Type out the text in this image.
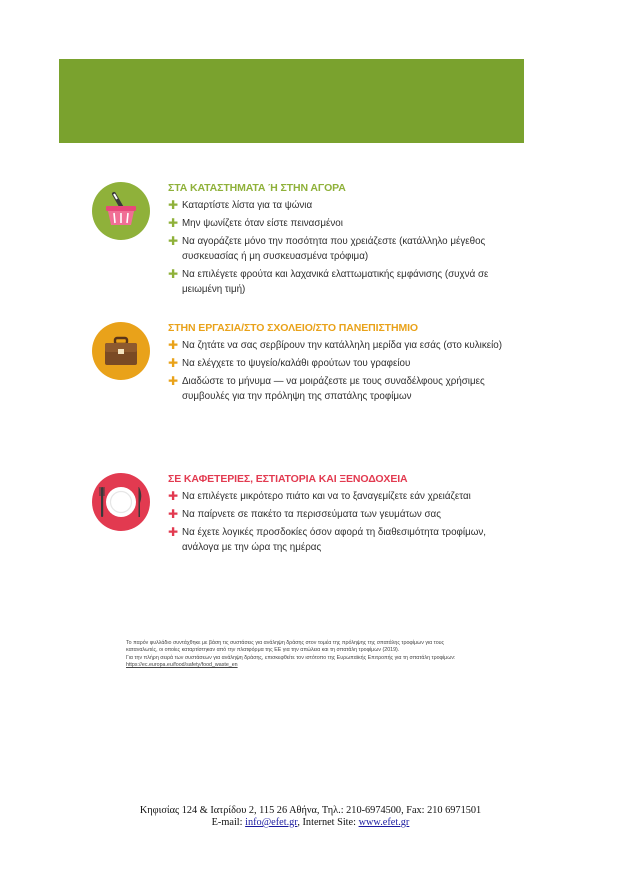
ΣΤΑ ΚΑΤΑΣΤΗΜΑΤΑ Ή ΣΤΗΝ ΑΓΟΡΑ
✚ Καταρτίστε λίστα για τα ψώνια
✚ Μην ψωνίζετε όταν είστε πεινασμένοι
✚ Να αγοράζετε μόνο την ποσότητα που χρειάζεστε (κατάλληλο μέγεθος συσκευασίας ή μη συσκευασμένα τρόφιμα)
✚ Να επιλέγετε φρούτα και λαχανικά ελαττωματικής εμφάνισης (συχνά σε μειωμένη τιμή)
ΣΤΗΝ ΕΡΓΑΣΙΑ/ΣΤΟ ΣΧΟΛΕΙΟ/ΣΤΟ ΠΑΝΕΠΙΣΤΗΜΙΟ
✚ Να ζητάτε να σας σερβίρουν την κατάλληλη μερίδα για εσάς (στο κυλικείο)
✚ Να ελέγχετε το ψυγείο/καλάθι φρούτων του γραφείου
✚ Διαδώστε το μήνυμα — να μοιράζεστε με τους συναδέλφους χρήσιμες συμβουλές για την πρόληψη της σπατάλης τροφίμων
ΣΕ ΚΑΦΕΤΕΡΙΕΣ, ΕΣΤΙΑΤΟΡΙΑ ΚΑΙ ΞΕΝΟΔΟΧΕΙΑ
✚ Να επιλέγετε μικρότερο πιάτο και να το ξαναγεμίζετε εάν χρειάζεται
✚ Να παίρνετε σε πακέτο τα περισσεύματα των γευμάτων σας
✚ Να έχετε λογικές προσδοκίες όσον αφορά τη διαθεσιμότητα τροφίμων, ανάλογα με την ώρα της ημέρας

Το παρόν φυλλάδιο συντάχθηκε με βάση τις συστάσεις για ανάληψη δράσης στον τομέα της πρόληψης της σπατάλης τροφίμων για τους καταναλωτές, οι οποίες καταρτίστηκαν από την πλατφόρμα της ΕΕ για την απώλεια και τη σπατάλη τροφίμων (2019).

Για την πλήρη σειρά των συστάσεων για ανάληψη δράσης, επισκεφθείτε τον ιστότοπο της Ευρωπαϊκής Επιτροπής για τη σπατάλη τροφίμων: https://ec.europa.eu/food/safety/food_waste_en

Κηφισίας 124 & Ιατρίδου 2, 115 26 Αθήνα, Τηλ.: 210-6974500, Fax: 210 6971501
E-mail: info@efet.gr, Internet Site: www.efet.gr
